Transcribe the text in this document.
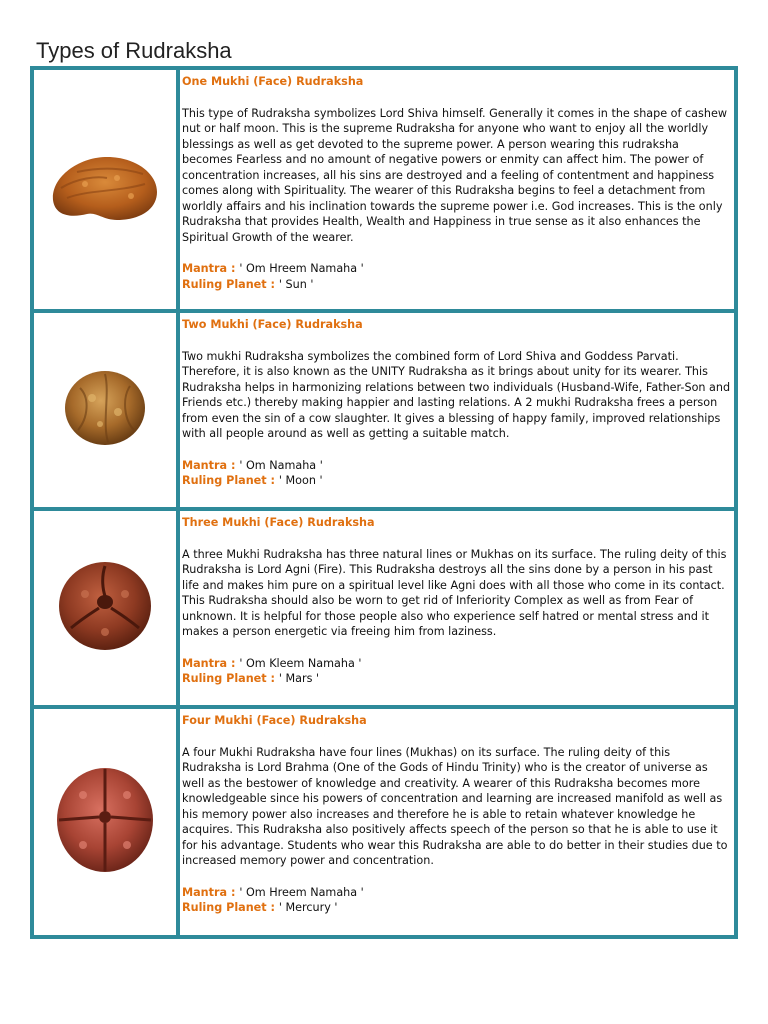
Types of Rudraksha

One Mukhi (Face) Rudraksha
This type of Rudraksha symbolizes Lord Shiva himself. Generally it comes in the shape of cashew nut or half moon. This is the supreme Rudraksha for anyone who want to enjoy all the worldly blessings as well as get devoted to the supreme power. A person wearing this rudraksha becomes Fearless and no amount of negative powers or enmity can affect him. The power of concentration increases, all his sins are destroyed and a feeling of contentment and happiness comes along with Spirituality. The wearer of this Rudraksha begins to feel a detachment from worldly affairs and his inclination towards the supreme power i.e. God increases. This is the only Rudraksha that provides Health, Wealth and Happiness in true sense as it also enhances the Spiritual Growth of the wearer.
Mantra : ' Om Hreem Namaha '
Ruling Planet : ' Sun '

Two Mukhi (Face) Rudraksha
Two mukhi Rudraksha symbolizes the combined form of Lord Shiva and Goddess Parvati. Therefore, it is also known as the UNITY Rudraksha as it brings about unity for its wearer. This Rudraksha helps in harmonizing relations between two individuals (Husband-Wife, Father-Son and Friends etc.) thereby making happier and lasting relations. A 2 mukhi Rudraksha frees a person from even the sin of a cow slaughter. It gives a blessing of happy family, improved relationships with all people around as well as getting a suitable match.
Mantra : ' Om Namaha '
Ruling Planet : ' Moon '

Three Mukhi (Face) Rudraksha
A three Mukhi Rudraksha has three natural lines or Mukhas on its surface. The ruling deity of this Rudraksha is Lord Agni (Fire). This Rudraksha destroys all the sins done by a person in his past life and makes him pure on a spiritual level like Agni does with all those who come in its contact. This Rudraksha should also be worn to get rid of Inferiority Complex as well as from Fear of unknown. It is helpful for those people also who experience self hatred or mental stress and it makes a person energetic via freeing him from laziness.
Mantra : ' Om Kleem Namaha '
Ruling Planet : ' Mars '

Four Mukhi (Face) Rudraksha
A four Mukhi Rudraksha have four lines (Mukhas) on its surface. The ruling deity of this Rudraksha is Lord Brahma (One of the Gods of Hindu Trinity) who is the creator of universe as well as the bestower of knowledge and creativity. A wearer of this Rudraksha becomes more knowledgeable since his powers of concentration and learning are increased manifold as well as his memory power also increases and therefore he is able to retain whatever knowledge he acquires. This Rudraksha also positively affects speech of the person so that he is able to use it for his advantage. Students who wear this Rudraksha are able to do better in their studies due to increased memory power and concentration.
Mantra : ' Om Hreem Namaha '
Ruling Planet : ' Mercury '
